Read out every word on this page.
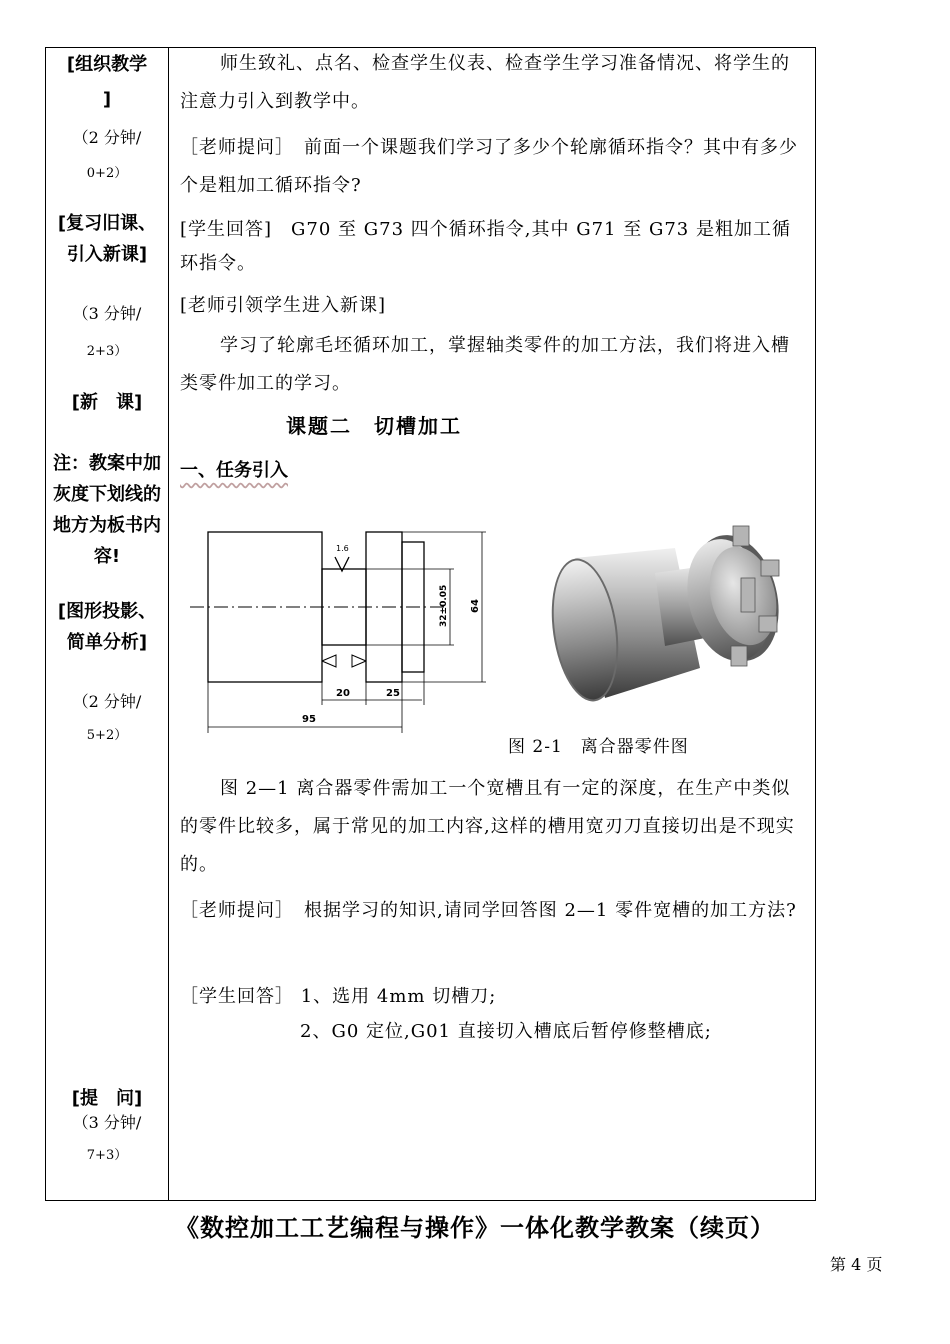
[组织教学
]
（2 分钟/
0+2）
[复习旧课、引入新课]
（3 分钟/
2+3）
[新　课]
注：教案中加灰度下划线的地方为板书内容!
[图形投影、简单分析]
（2 分钟/
5+2）
[提　问]
（3 分钟/
7+3）
师生致礼、点名、检查学生仪表、检查学生学习准备情况、将学生的注意力引入到教学中。
［老师提问］　前面一个课题我们学习了多少个轮廓循环指令？其中有多少个是粗加工循环指令?
[学生回答]　G70 至 G73 四个循环指令,其中 G71 至 G73 是粗加工循环指令。
[老师引领学生进入新课]
学习了轮廓毛坯循环加工，掌握轴类零件的加工方法，我们将进入槽类零件加工的学习。
课题二　切槽加工
一、任务引入
1.6
95
20	25
32±0.05 64
图 2-1　离合器零件图
图 2—1 离合器零件需加工一个宽槽且有一定的深度，在生产中类似的零件比较多，属于常见的加工内容,这样的槽用宽刃刀直接切出是不现实的。
［老师提问］　根据学习的知识,请同学回答图 2—1 零件宽槽的加工方法?
［学生回答］ 1、选用 4mm 切槽刀;
2、G0 定位,G01 直接切入槽底后暂停修整槽底;
《数控加工工艺编程与操作》一体化教学教案（续页）
第 4 页
